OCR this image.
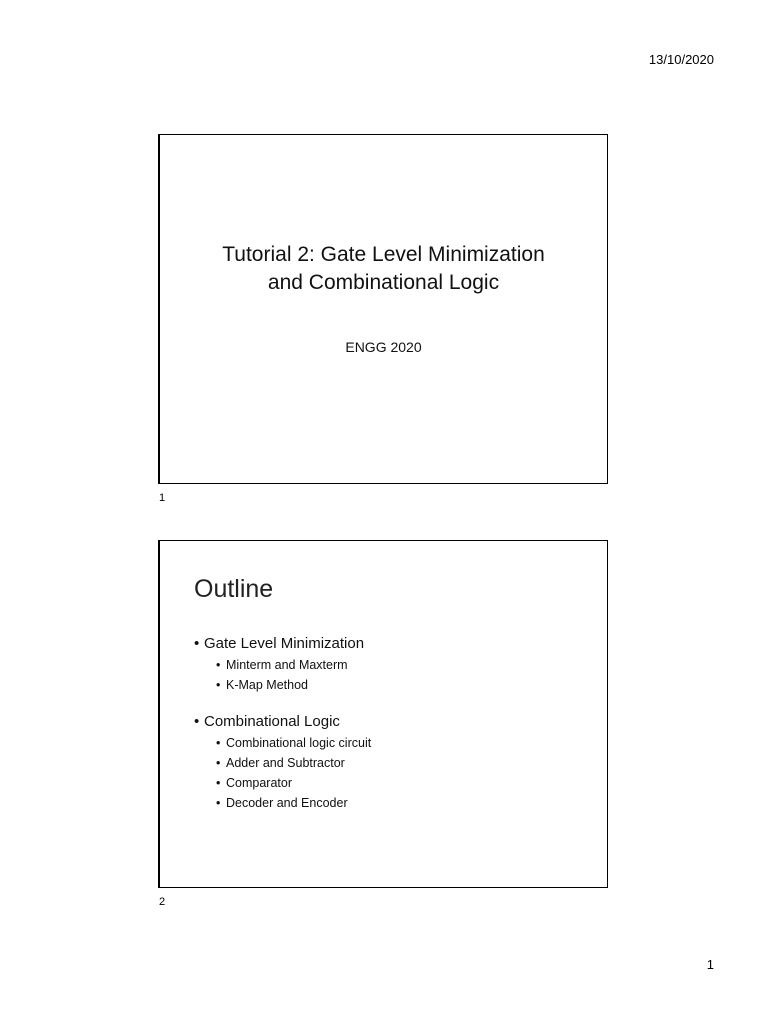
13/10/2020
Tutorial 2: Gate Level Minimization
and Combinational Logic
ENGG 2020
1
Outline
• Gate Level Minimization
• Minterm and Maxterm
• K-Map Method
• Combinational Logic
• Combinational logic circuit
• Adder and Subtractor
• Comparator
• Decoder and Encoder
2
1
